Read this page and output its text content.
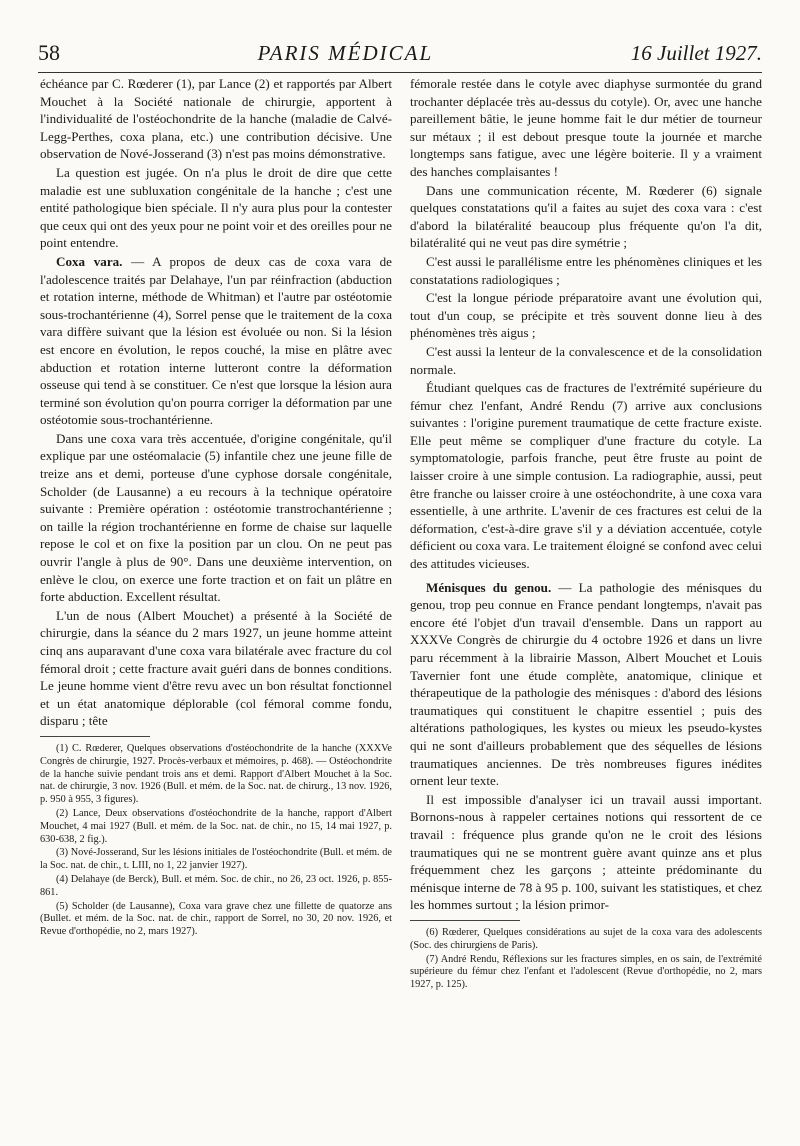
58	PARIS MÉDICAL	16 Juillet 1927.

échéance par C. Rœderer (1), par Lance (2) et rapportés par Albert Mouchet à la Société nationale de chirurgie, apportent à l'individualité de l'ostéochondrite de la hanche (maladie de Calvé-Legg-Perthes, coxa plana, etc.) une contribution décisive. Une observation de Nové-Josserand (3) n'est pas moins démonstrative.

La question est jugée. On n'a plus le droit de dire que cette maladie est une subluxation congénitale de la hanche ; c'est une entité pathologique bien spéciale. Il n'y aura plus pour la contester que ceux qui ont des yeux pour ne point voir et des oreilles pour ne point entendre.

Coxa vara. — A propos de deux cas de coxa vara de l'adolescence traités par Delahaye, l'un par réinfraction (abduction et rotation interne, méthode de Whitman) et l'autre par ostéotomie sous-trochantérienne (4), Sorrel pense que le traitement de la coxa vara diffère suivant que la lésion est évoluée ou non. Si la lésion est encore en évolution, le repos couché, la mise en plâtre avec abduction et rotation interne lutteront contre la déformation osseuse qui tend à se constituer. Ce n'est que lorsque la lésion aura terminé son évolution qu'on pourra corriger la déformation par une ostéotomie sous-trochantérienne.

Dans une coxa vara très accentuée, d'origine congénitale, qu'il explique par une ostéomalacie (5) infantile chez une jeune fille de treize ans et demi, porteuse d'une cyphose dorsale congénitale, Scholder (de Lausanne) a eu recours à la technique opératoire suivante : Première opération : ostéotomie transtrochantérienne ; on taille la région trochantérienne en forme de chaise sur laquelle repose le col et on fixe la position par un clou. On ne peut pas ouvrir l'angle à plus de 90°. Dans une deuxième intervention, on enlève le clou, on exerce une forte traction et on fait un plâtre en forte abduction. Excellent résultat.

L'un de nous (Albert Mouchet) a présenté à la Société de chirurgie, dans la séance du 2 mars 1927, un jeune homme atteint cinq ans auparavant d'une coxa vara bilatérale avec fracture du col fémoral droit ; cette fracture avait guéri dans de bonnes conditions. Le jeune homme vient d'être revu avec un bon résultat fonctionnel et un état anatomique déplorable (col fémoral comme fondu, disparu ; tête

(1) C. Rœderer, Quelques observations d'ostéochondrite de la hanche (XXXVe Congrès de chirurgie, 1927. Procès-verbaux et mémoires, p. 468). — Ostéochondrite de la hanche suivie pendant trois ans et demi. Rapport d'Albert Mouchet à la Soc. nat. de chirurgie, 3 nov. 1926 (Bull. et mém. de la Soc. nat. de chirurg., 13 nov. 1926, p. 950 à 955, 3 figures).

(2) Lance, Deux observations d'ostéochondrite de la hanche, rapport d'Albert Mouchet, 4 mai 1927 (Bull. et mém. de la Soc. nat. de chir., no 15, 14 mai 1927, p. 630-638, 2 fig.).

(3) Nové-Josserand, Sur les lésions initiales de l'ostéochondrite (Bull. et mém. de la Soc. nat. de chir., t. LIII, no 1, 22 janvier 1927).

(4) Delahaye (de Berck), Bull. et mém. Soc. de chir., no 26, 23 oct. 1926, p. 855-861.

(5) Scholder (de Lausanne), Coxa vara grave chez une fillette de quatorze ans (Bullet. et mém. de la Soc. nat. de chir., rapport de Sorrel, no 30, 20 nov. 1926, et Revue d'orthopédie, no 2, mars 1927).

fémorale restée dans le cotyle avec diaphyse surmontée du grand trochanter déplacée très au-dessus du cotyle). Or, avec une hanche pareillement bâtie, le jeune homme fait le dur métier de tourneur sur métaux ; il est debout presque toute la journée et marche longtemps sans fatigue, avec une légère boiterie. Il y a vraiment des hanches complaisantes !

Dans une communication récente, M. Rœderer (6) signale quelques constatations qu'il a faites au sujet des coxa vara : c'est d'abord la bilatéralité beaucoup plus fréquente qu'on l'a dit, bilatéralité qui ne veut pas dire symétrie ;

C'est aussi le parallélisme entre les phénomènes cliniques et les constatations radiologiques ;

C'est la longue période préparatoire avant une évolution qui, tout d'un coup, se précipite et très souvent donne lieu à des phénomènes très aigus ;

C'est aussi la lenteur de la convalescence et de la consolidation normale.

Étudiant quelques cas de fractures de l'extrémité supérieure du fémur chez l'enfant, André Rendu (7) arrive aux conclusions suivantes : l'origine purement traumatique de cette fracture existe. Elle peut même se compliquer d'une fracture du cotyle. La symptomatologie, parfois franche, peut être fruste au point de laisser croire à une simple contusion. La radiographie, aussi, peut être franche ou laisser croire à une ostéochondrite, à une coxa vara essentielle, à une arthrite. L'avenir de ces fractures est celui de la déformation, c'est-à-dire grave s'il y a déviation accentuée, cotyle déficient ou coxa vara. Le traitement éloigné se confond avec celui des attitudes vicieuses.

Ménisques du genou. — La pathologie des ménisques du genou, trop peu connue en France pendant longtemps, n'avait pas encore été l'objet d'un travail d'ensemble. Dans un rapport au XXXVe Congrès de chirurgie du 4 octobre 1926 et dans un livre paru récemment à la librairie Masson, Albert Mouchet et Louis Tavernier font une étude complète, anatomique, clinique et thérapeutique de la pathologie des ménisques : d'abord des lésions traumatiques qui constituent le chapitre essentiel ; puis des altérations pathologiques, les kystes ou mieux les pseudo-kystes qui ne sont d'ailleurs probablement que des séquelles de lésions traumatiques anciennes. De très nombreuses figures inédites ornent leur texte.

Il est impossible d'analyser ici un travail aussi important. Bornons-nous à rappeler certaines notions qui ressortent de ce travail : fréquence plus grande qu'on ne le croit des lésions traumatiques qui ne se montrent guère avant quinze ans et plus fréquemment chez les garçons ; atteinte prédominante du ménisque interne de 78 à 95 p. 100, suivant les statistiques, et chez les hommes surtout ; la lésion primor-

(6) Rœderer, Quelques considérations au sujet de la coxa vara des adolescents (Soc. des chirurgiens de Paris).

(7) André Rendu, Réflexions sur les fractures simples, en os sain, de l'extrémité supérieure du fémur chez l'enfant et l'adolescent (Revue d'orthopédie, no 2, mars 1927, p. 125).
